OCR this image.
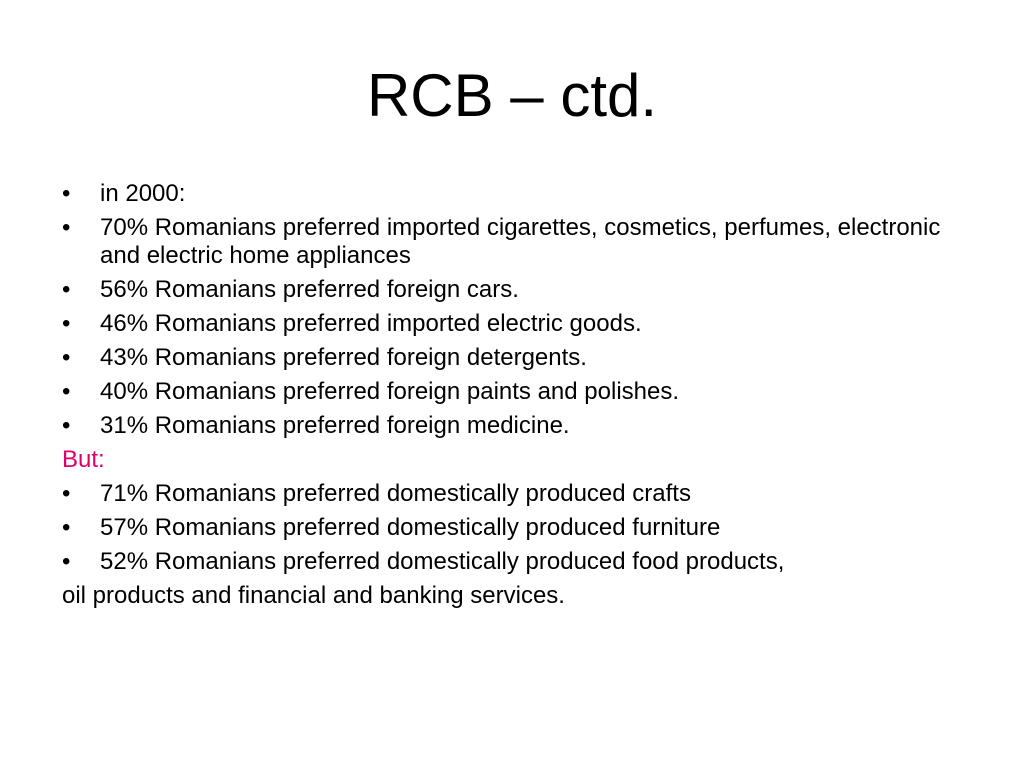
RCB – ctd.
•	in 2000:
•	70% Romanians preferred imported cigarettes, cosmetics, perfumes, electronic and electric home appliances
•	56% Romanians preferred foreign cars.
•	46% Romanians preferred imported electric goods.
•	43% Romanians preferred foreign detergents.
•	40% Romanians preferred foreign paints and polishes.
•	31% Romanians preferred foreign medicine.
But:
•	71% Romanians preferred domestically produced crafts
•	57% Romanians preferred domestically produced furniture
•	52% Romanians preferred domestically produced food products,
oil products and financial and banking services.
